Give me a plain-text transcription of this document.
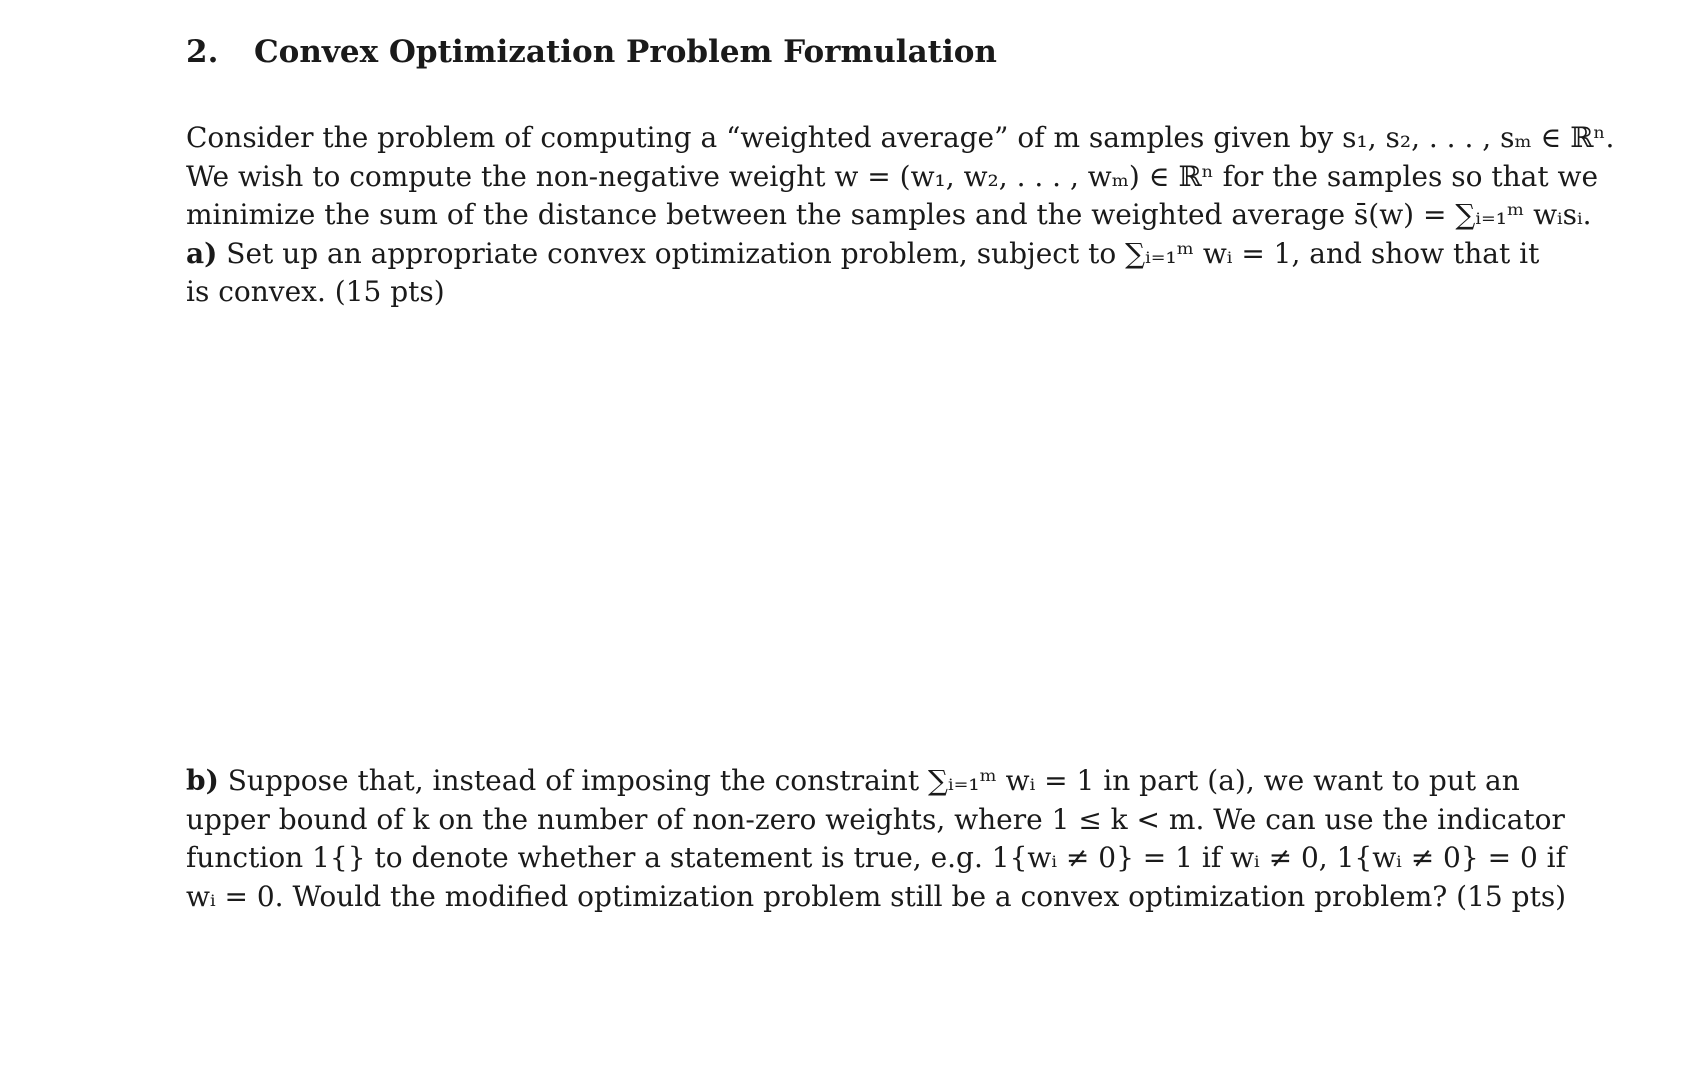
2. Convex Optimization Problem Formulation
Consider the problem of computing a “weighted average” of m samples given by s₁, s₂, . . . , sₘ ∈ ℝⁿ.
We wish to compute the non-negative weight w = (w₁, w₂, . . . , wₘ) ∈ ℝⁿ for the samples so that we
minimize the sum of the distance between the samples and the weighted average s̄(w) = ∑ᵢ₌₁ᵐ wᵢsᵢ.
a) Set up an appropriate convex optimization problem, subject to ∑ᵢ₌₁ᵐ wᵢ = 1, and show that it
is convex. (15 pts)
b) Suppose that, instead of imposing the constraint ∑ᵢ₌₁ᵐ wᵢ = 1 in part (a), we want to put an
upper bound of k on the number of non-zero weights, where 1 ≤ k < m. We can use the indicator
function 1{} to denote whether a statement is true, e.g. 1{wᵢ ≠ 0} = 1 if wᵢ ≠ 0, 1{wᵢ ≠ 0} = 0 if
wᵢ = 0. Would the modified optimization problem still be a convex optimization problem? (15 pts)
